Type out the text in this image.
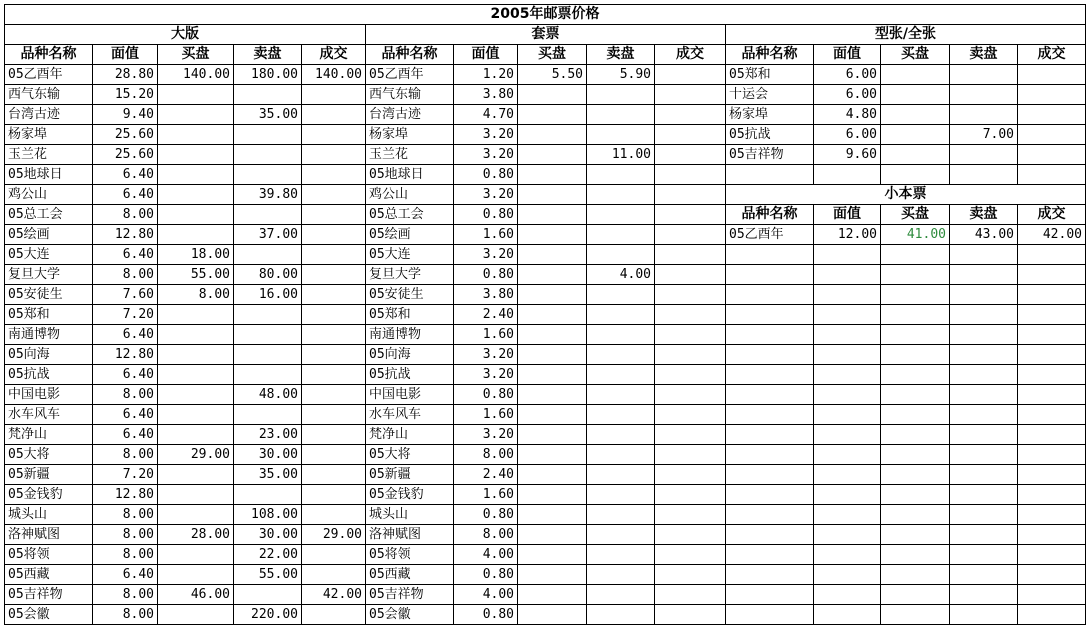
2005年邮票价格														
大版					套票					型张/全张				
品种名称	面值	买盘	卖盘	成交	品种名称	面值	买盘	卖盘	成交	品种名称	面值	买盘	卖盘	成交
05乙酉年	28.80	140.00	180.00	140.00	05乙酉年	1.20	5.50	5.90		05郑和	6.00			
西气东输	15.20				西气东输	3.80				十运会	6.00			
台湾古迹	9.40		35.00		台湾古迹	4.70				杨家埠	4.80			
杨家埠	25.60				杨家埠	3.20				05抗战	6.00		7.00	
玉兰花	25.60				玉兰花	3.20		11.00		05吉祥物	9.60			
05地球日	6.40				05地球日	0.80								
鸡公山	6.40		39.80		鸡公山	3.20				小本票				
05总工会	8.00				05总工会	0.80				品种名称	面值	买盘	卖盘	成交
05绘画	12.80		37.00		05绘画	1.60				05乙酉年	12.00	41.00	43.00	42.00
05大连	6.40	18.00			05大连	3.20								
复旦大学	8.00	55.00	80.00		复旦大学	0.80		4.00						
05安徒生	7.60	8.00	16.00		05安徒生	3.80								
05郑和	7.20				05郑和	2.40								
南通博物	6.40				南通博物	1.60								
05向海	12.80				05向海	3.20								
05抗战	6.40				05抗战	3.20								
中国电影	8.00		48.00		中国电影	0.80								
水车风车	6.40				水车风车	1.60								
梵净山	6.40		23.00		梵净山	3.20								
05大将	8.00	29.00	30.00		05大将	8.00								
05新疆	7.20		35.00		05新疆	2.40								
05金钱豹	12.80				05金钱豹	1.60								
城头山	8.00		108.00		城头山	0.80								
洛神赋图	8.00	28.00	30.00	29.00	洛神赋图	8.00								
05将领	8.00		22.00		05将领	4.00								
05西藏	6.40		55.00		05西藏	0.80								
05吉祥物	8.00	46.00		42.00	05吉祥物	4.00								
05会徽	8.00		220.00		05会徽	0.80								
